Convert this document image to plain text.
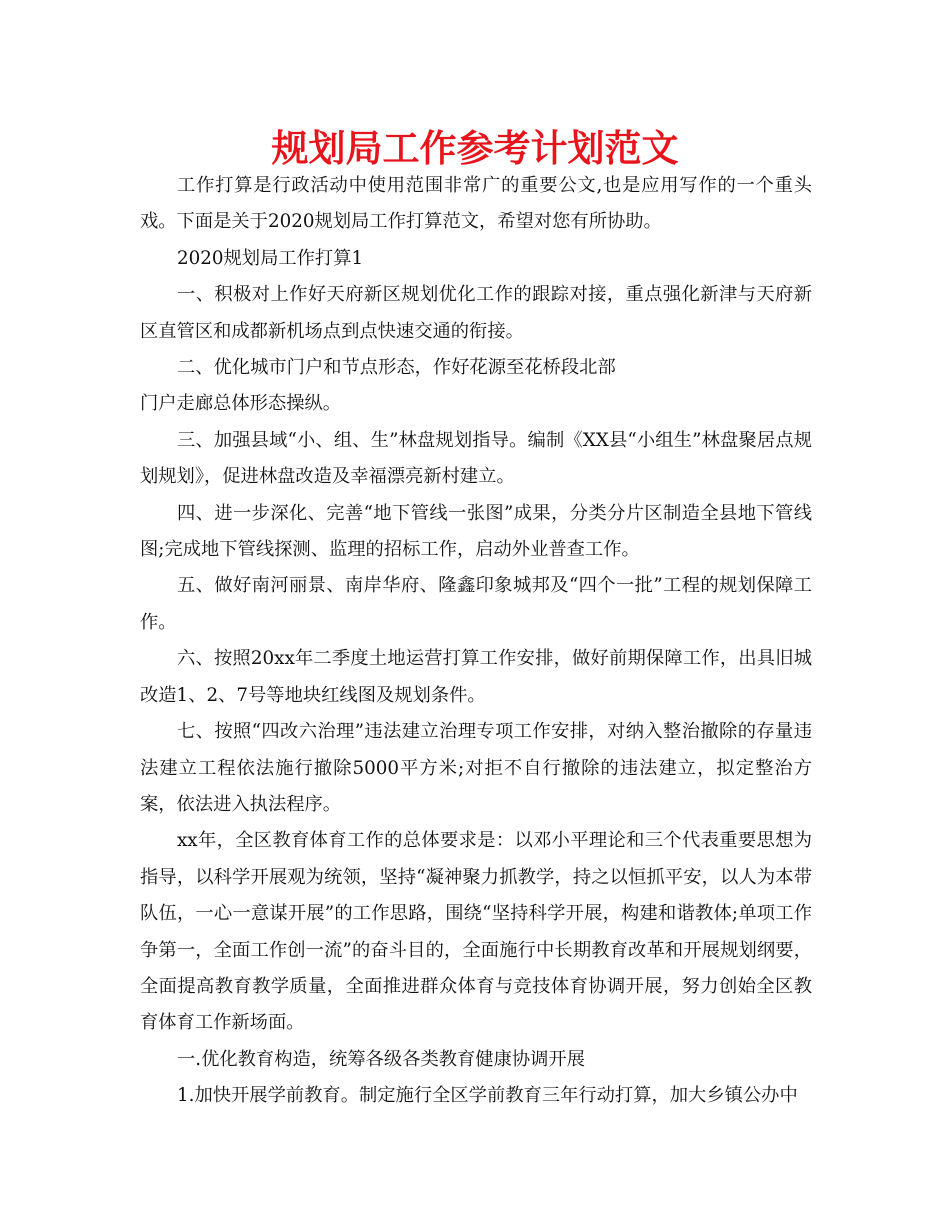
规划局工作参考计划范文

工作打算是行政活动中使用范围非常广的重要公文,也是应用写作的一个重头戏。下面是关于2020规划局工作打算范文，希望对您有所协助。

2020规划局工作打算1

一、积极对上作好天府新区规划优化工作的跟踪对接，重点强化新津与天府新区直管区和成都新机场点到点快速交通的衔接。

二、优化城市门户和节点形态，作好花源至花桥段北部

门户走廊总体形态操纵。

三、加强县域“小、组、生”林盘规划指导。编制《XX县“小组生”林盘聚居点规划规划》，促进林盘改造及幸福漂亮新村建立。

四、进一步深化、完善“地下管线一张图”成果，分类分片区制造全县地下管线图;完成地下管线探测、监理的招标工作，启动外业普查工作。

五、做好南河丽景、南岸华府、隆鑫印象城邦及“四个一批”工程的规划保障工作。

六、按照20xx年二季度土地运营打算工作安排，做好前期保障工作，出具旧城改造1、2、7号等地块红线图及规划条件。

七、按照“四改六治理”违法建立治理专项工作安排，对纳入整治撤除的存量违法建立工程依法施行撤除5000平方米;对拒不自行撤除的违法建立，拟定整治方案，依法进入执法程序。

xx年，全区教育体育工作的总体要求是：以邓小平理论和三个代表重要思想为指导，以科学开展观为统领，坚持“凝神聚力抓教学，持之以恒抓平安，以人为本带队伍，一心一意谋开展”的工作思路，围绕“坚持科学开展，构建和谐教体;单项工作争第一，全面工作创一流”的奋斗目的，全面施行中长期教育改革和开展规划纲要，全面提高教育教学质量，全面推进群众体育与竞技体育协调开展，努力创始全区教育体育工作新场面。

一.优化教育构造，统筹各级各类教育健康协调开展

1.加快开展学前教育。制定施行全区学前教育三年行动打算，加大乡镇公办中
